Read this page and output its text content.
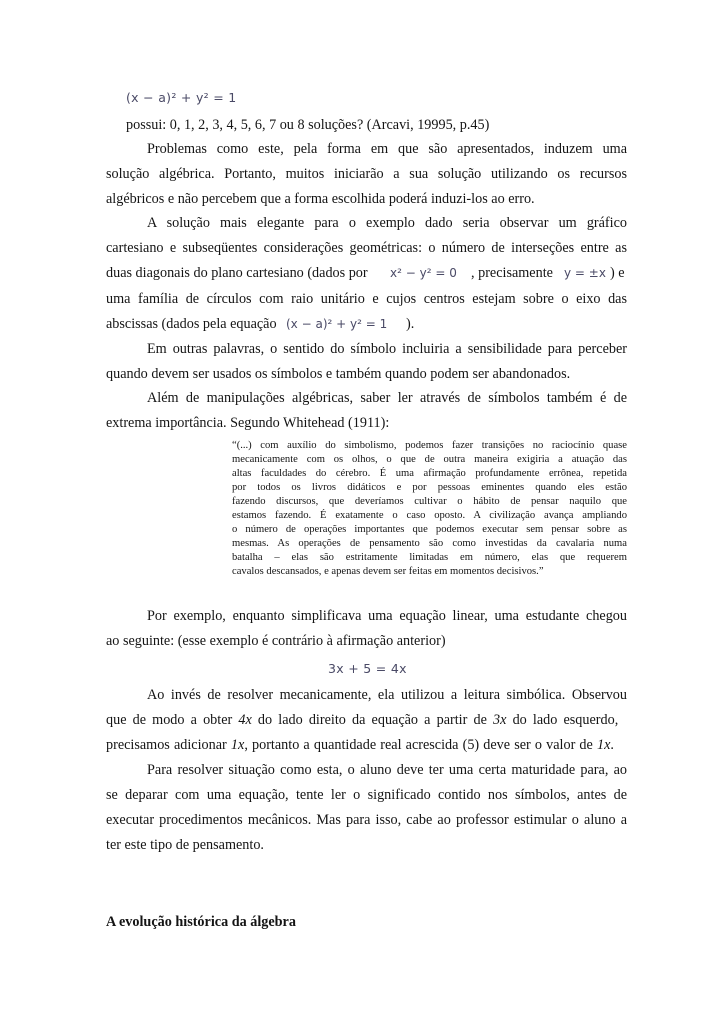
(x − a)² + y² = 1
possui: 0, 1, 2, 3, 4, 5, 6, 7 ou 8 soluções? (Arcavi, 19995, p.45)
Problemas como este, pela forma em que são apresentados, induzem uma
solução algébrica. Portanto, muitos iniciarão a sua solução utilizando os recursos
algébricos e não percebem que a forma escolhida poderá induzi-los ao erro.
A solução mais elegante para o exemplo dado seria observar um gráfico
cartesiano e subseqüentes considerações geométricas: o número de interseções entre as
duas diagonais do plano cartesiano (dados por x² − y² = 0 , precisamente y = ±x ) e
uma família de círculos com raio unitário e cujos centros estejam sobre o eixo das
abscissas (dados pela equação (x − a)² + y² = 1 ).
Em outras palavras, o sentido do símbolo incluiria a sensibilidade para perceber
quando devem ser usados os símbolos e também quando podem ser abandonados.
Além de manipulações algébricas, saber ler através de símbolos também é de
extrema importância. Segundo Whitehead (1911):
“(...) com auxílio do simbolismo, podemos fazer transições no raciocínio quase
mecanicamente com os olhos, o que de outra maneira exigiria a atuação das
altas faculdades do cérebro. É uma afirmação profundamente errônea, repetida
por todos os livros didáticos e por pessoas eminentes quando eles estão
fazendo discursos, que deveríamos cultivar o hábito de pensar naquilo que
estamos fazendo. É exatamente o caso oposto. A civilização avança ampliando
o número de operações importantes que podemos executar sem pensar sobre as
mesmas. As operações de pensamento são como investidas da cavalaria numa
batalha – elas são estritamente limitadas em número, elas que requerem
cavalos descansados, e apenas devem ser feitas em momentos decisivos.”
Por exemplo, enquanto simplificava uma equação linear, uma estudante chegou
ao seguinte: (esse exemplo é contrário à afirmação anterior)
3x + 5 = 4x
Ao invés de resolver mecanicamente, ela utilizou a leitura simbólica. Observou
que de modo a obter 4x do lado direito da equação a partir de 3x do lado esquerdo,
precisamos adicionar 1x, portanto a quantidade real acrescida (5) deve ser o valor de 1x.
Para resolver situação como esta, o aluno deve ter uma certa maturidade para, ao
se deparar com uma equação, tente ler o significado contido nos símbolos, antes de
executar procedimentos mecânicos. Mas para isso, cabe ao professor estimular o aluno a
ter este tipo de pensamento.
A evolução histórica da álgebra
